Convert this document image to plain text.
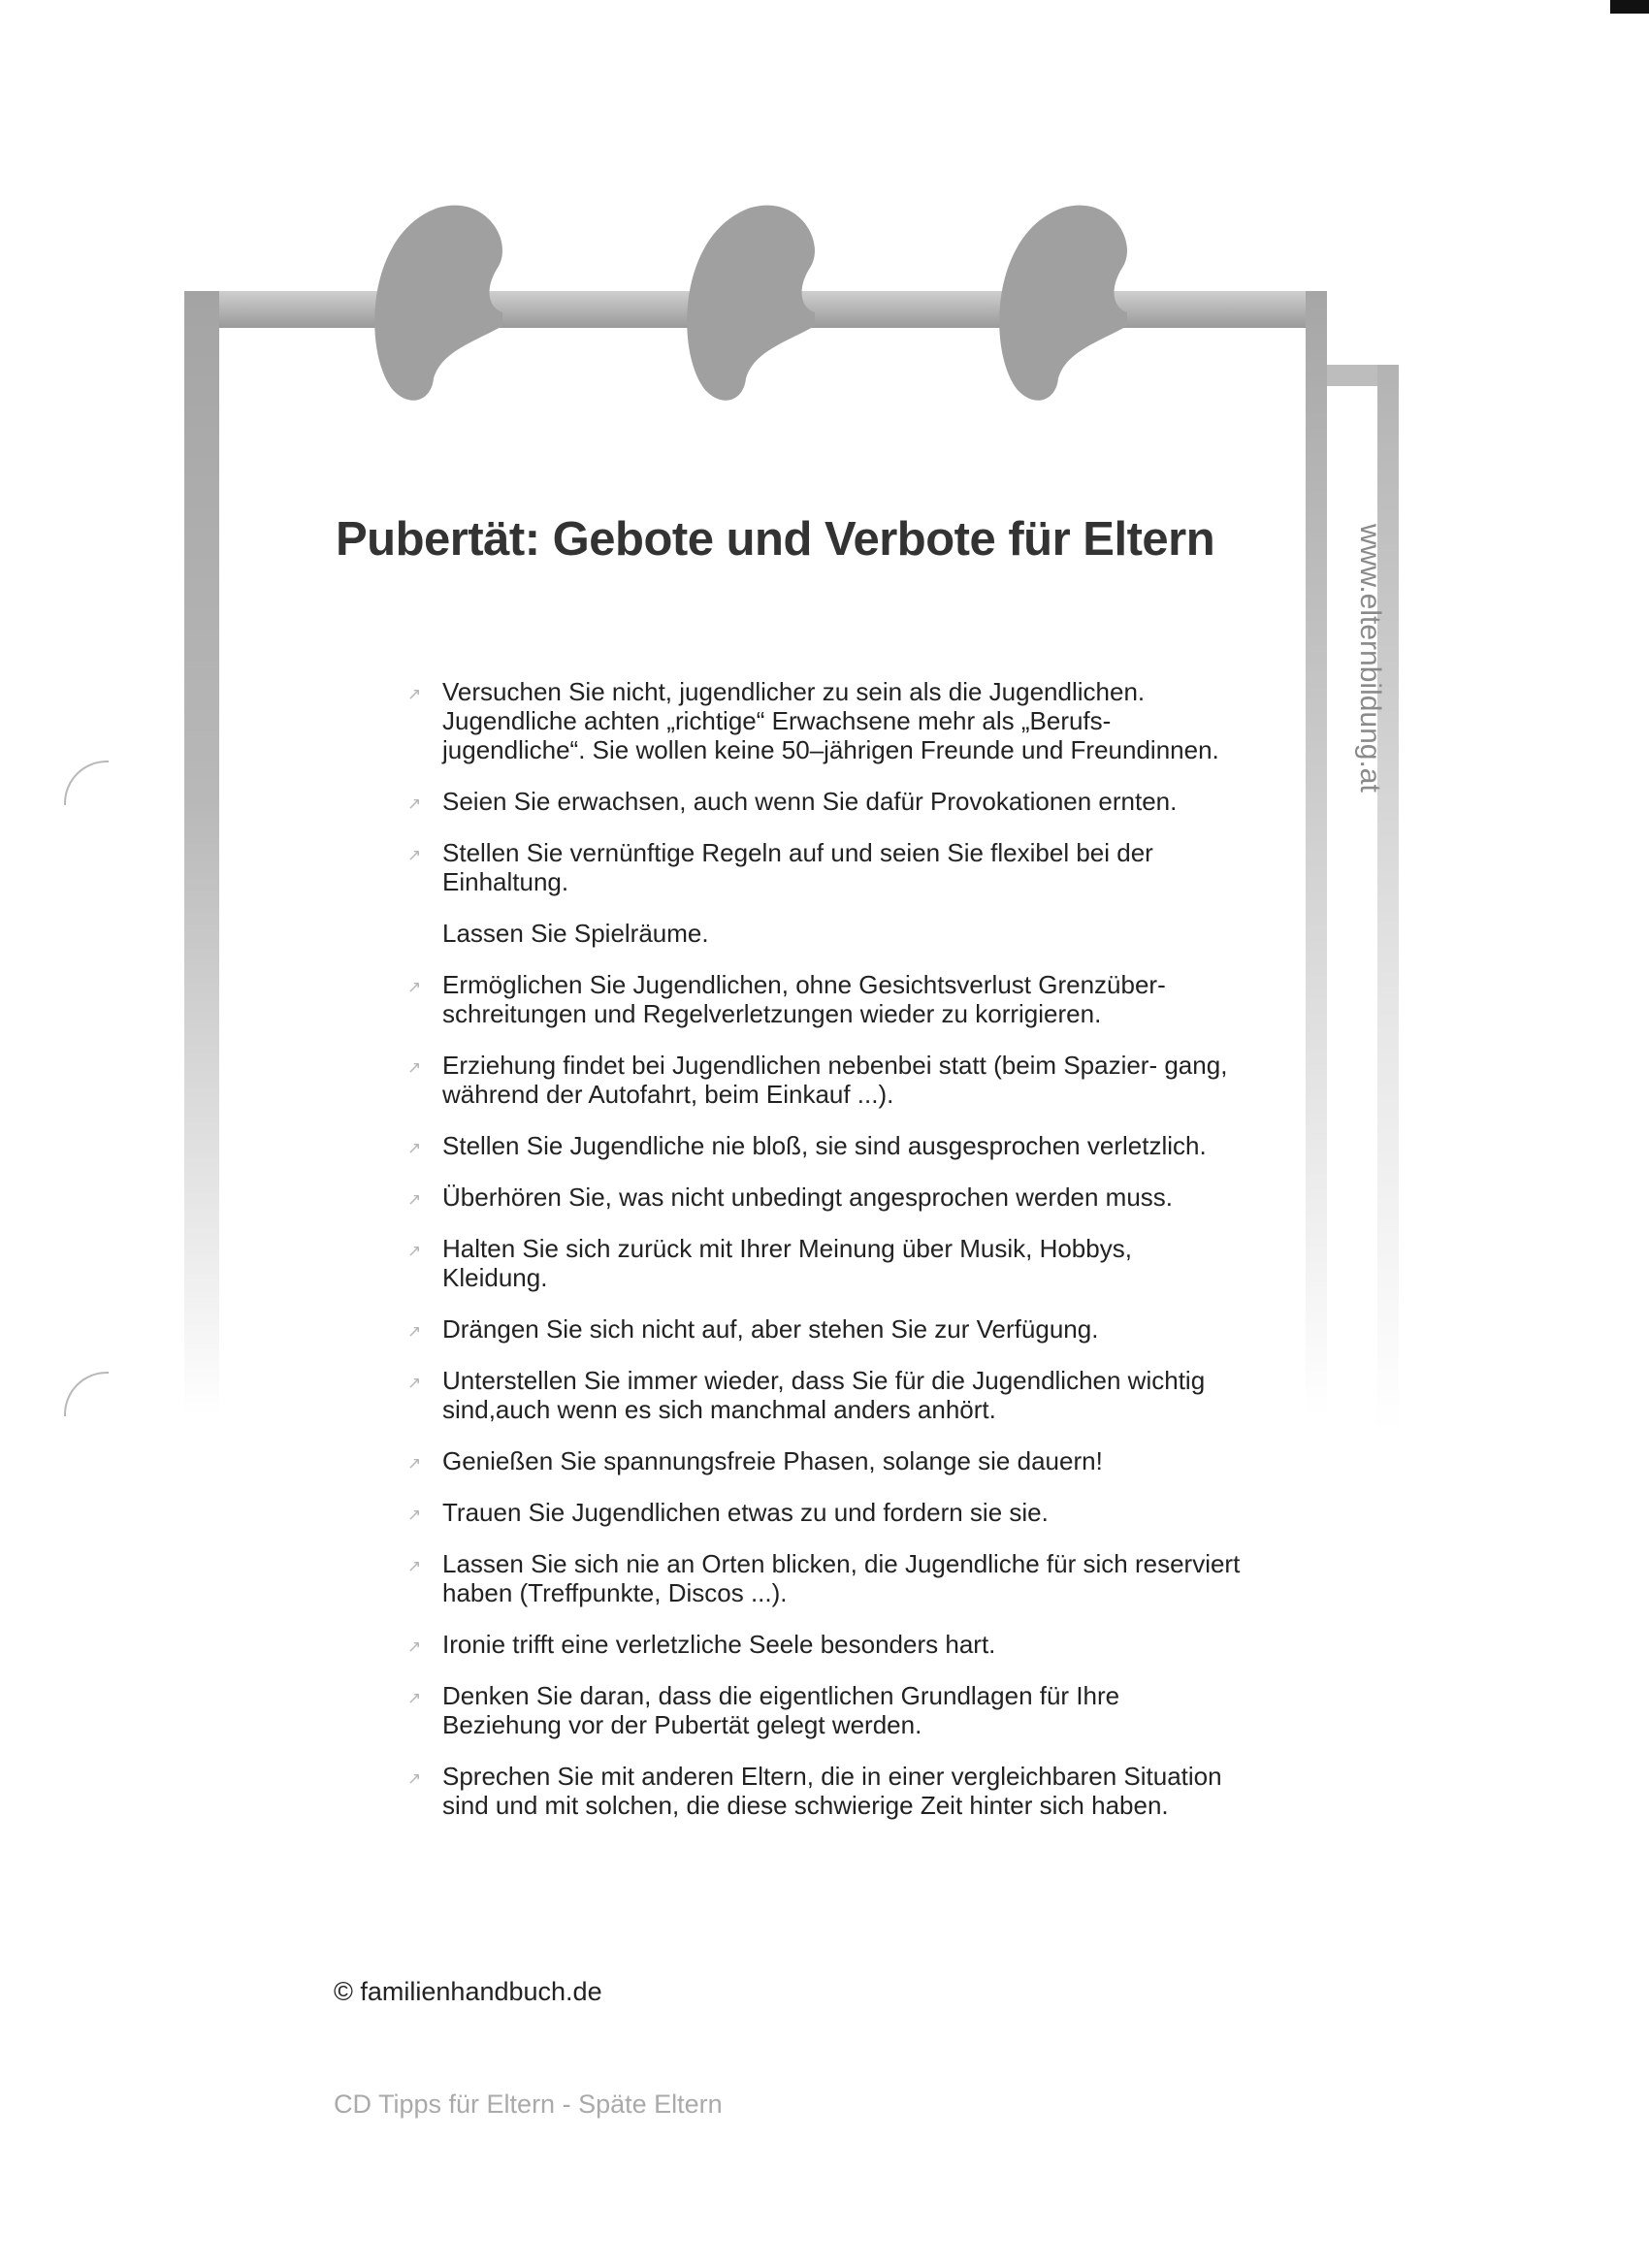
Pubertät: Gebote und Verbote für Eltern	www.elternbildung.at
↗ Versuchen Sie nicht, jugendlicher zu sein als die Jugendlichen. Jugendliche achten „richtige“ Erwachsene mehr als „Berufs- jugendliche“. Sie wollen keine 50–jährigen Freunde und Freundinnen.
↗ Seien Sie erwachsen, auch wenn Sie dafür Provokationen ernten.
↗ Stellen Sie vernünftige Regeln auf und seien Sie flexibel bei der Einhaltung.
Lassen Sie Spielräume.
↗ Ermöglichen Sie Jugendlichen, ohne Gesichtsverlust Grenzüber- schreitungen und Regelverletzungen wieder zu korrigieren.
↗ Erziehung findet bei Jugendlichen nebenbei statt (beim Spazier- gang, während der Autofahrt, beim Einkauf ...).
↗ Stellen Sie Jugendliche nie bloß, sie sind ausgesprochen verletzlich.
↗ Überhören Sie, was nicht unbedingt angesprochen werden muss.
↗ Halten Sie sich zurück mit Ihrer Meinung über Musik, Hobbys, Kleidung.
↗ Drängen Sie sich nicht auf, aber stehen Sie zur Verfügung.
↗ Unterstellen Sie immer wieder, dass Sie für die Jugendlichen wichtig sind,auch wenn es sich manchmal anders anhört.
↗ Genießen Sie spannungsfreie Phasen, solange sie dauern!
↗ Trauen Sie Jugendlichen etwas zu und fordern sie sie.
↗ Lassen Sie sich nie an Orten blicken, die Jugendliche für sich reserviert haben (Treffpunkte, Discos ...).
↗ Ironie trifft eine verletzliche Seele besonders hart.
↗ Denken Sie daran, dass die eigentlichen Grundlagen für Ihre Beziehung vor der Pubertät gelegt werden.
↗ Sprechen Sie mit anderen Eltern, die in einer vergleichbaren Situation sind und mit solchen, die diese schwierige Zeit hinter sich haben.
© familienhandbuch.de
CD Tipps für Eltern - Späte Eltern
